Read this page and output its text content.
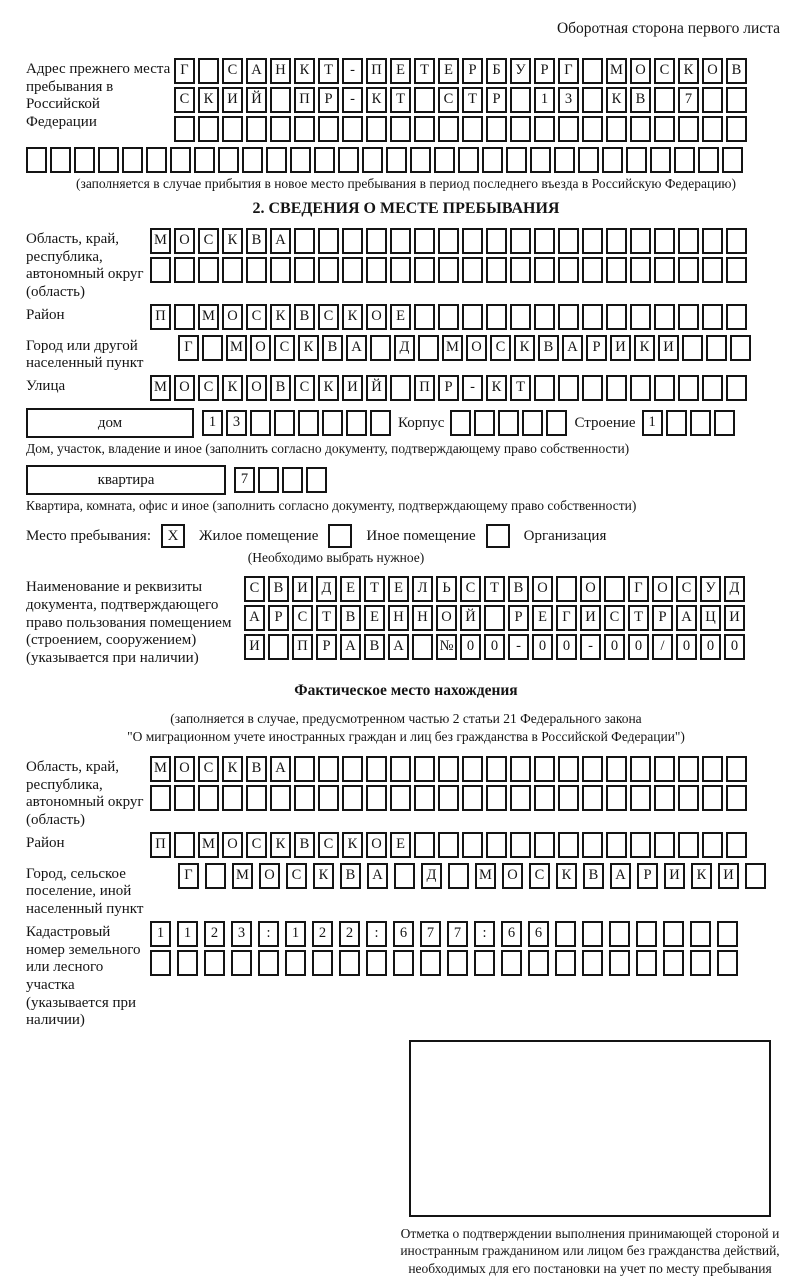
Оборотная сторона первого листа
Адрес прежнего места пребывания в Российской Федерации
Г	С А Н К	Т	-	П Е	Т	Е	Р	Б	У	Р	Г	М О С К О В
С К И Й	П	Р	-	К	Т	С	Т	Р	1	3	К В	7
(заполняется в случае прибытия в новое место пребывания в период последнего въезда в Российскую Федерацию)
2. СВЕДЕНИЯ О МЕСТЕ ПРЕБЫВАНИЯ
Область, край, республика, автономный округ (область)
М О С К В А
Район	П	М О С К В С К О Е
Город или другой населенный пункт
Г	М О С К В А	Д	М О С К В А	Р	И К И
Улица	М О С К О В С К И Й	П	Р	-	К	Т
дом	1	3	Корпус	Строение 1
Дом, участок, владение и иное (заполнить согласно документу, подтверждающему право собственности)
квартира	7
Квартира, комната, офис и иное (заполнить согласно документу, подтверждающему право собственности)
Место пребывания:	X	Жилое помещение	Иное помещение	Организация
(Необходимо выбрать нужное)
Наименование и реквизиты документа, подтверждающего право пользования помещением (строением, сооружением) (указывается при наличии)
С В И Д	Е	Т	Е	Л	Ь	С	Т	В О	О	Г	О С У Д
А	Р	С	Т	В	Е Н Н О Й	Р	Е	Г	И С	Т	Р	А Ц И
И	П	Р	А В А	№ 0	0	-	0	0	-	0	0	/	0	0	0
Фактическое место нахождения
(заполняется в случае, предусмотренном частью 2 статьи 21 Федерального закона
"О миграционном учете иностранных граждан и лиц без гражданства в Российской Федерации")
Область, край, республика, автономный округ (область)
М О С К В А
Район	П	М О С К В С К О Е
Город, сельское поселение, иной населенный пункт
Г	М	О	С	К	В	А	Д	М	О	С	К	В	А	Р	И	К	И
Кадастровый номер земельного или лесного участка (указывается при наличии)
1	1	2	3	:	1	2	2	:	6	7	7	:	6	6
Отметка о подтверждении выполнения принимающей стороной и иностранным гражданином или лицом без гражданства действий, необходимых для его постановки на учет по месту пребывания
